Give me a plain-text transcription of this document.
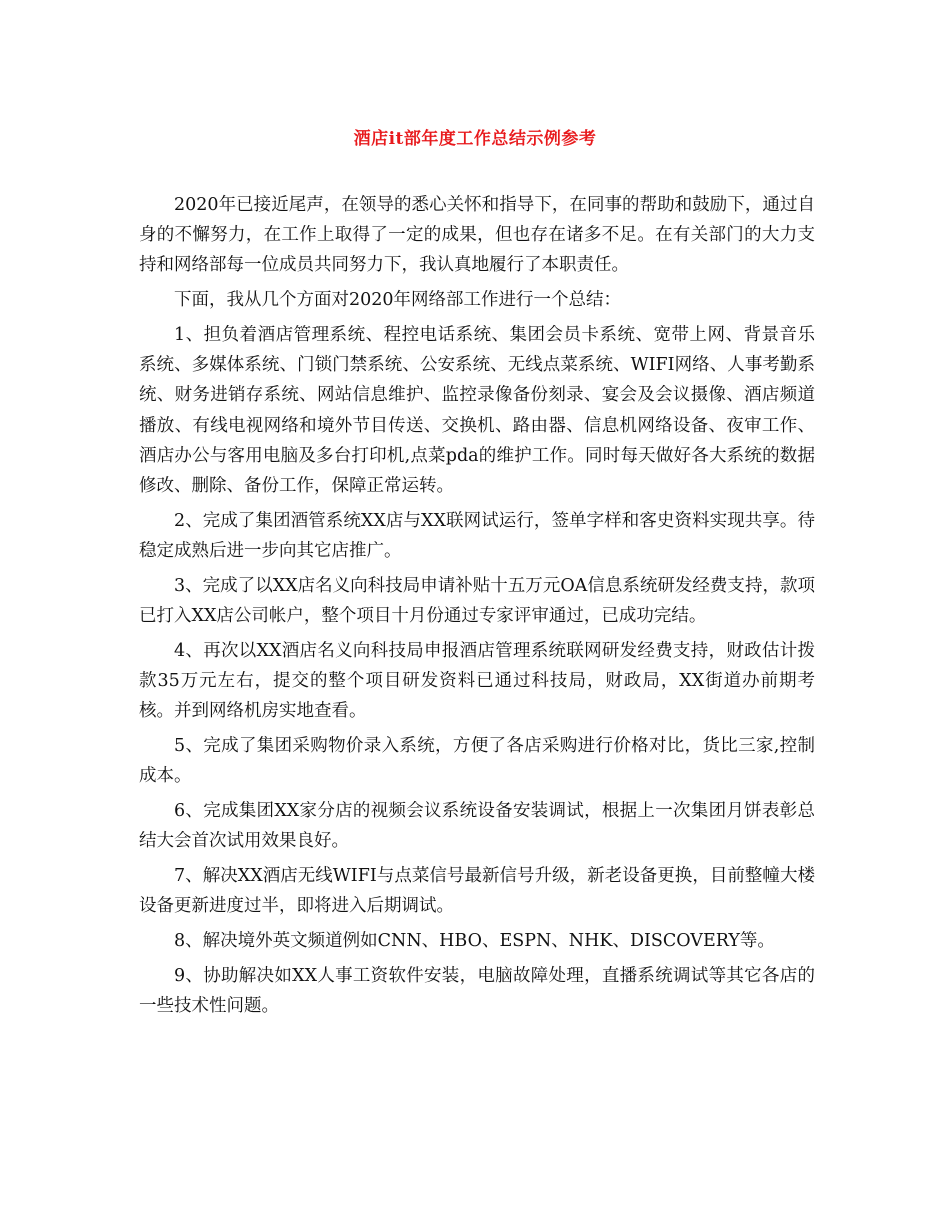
酒店it部年度工作总结示例参考

2020年已接近尾声，在领导的悉心关怀和指导下，在同事的帮助和鼓励下，通过自身的不懈努力，在工作上取得了一定的成果，但也存在诸多不足。在有关部门的大力支持和网络部每一位成员共同努力下，我认真地履行了本职责任。

下面，我从几个方面对2020年网络部工作进行一个总结：

1、担负着酒店管理系统、程控电话系统、集团会员卡系统、宽带上网、背景音乐系统、多媒体系统、门锁门禁系统、公安系统、无线点菜系统、WIFI网络、人事考勤系统、财务进销存系统、网站信息维护、监控录像备份刻录、宴会及会议摄像、酒店频道播放、有线电视网络和境外节目传送、交换机、路由器、信息机网络设备、夜审工作、酒店办公与客用电脑及多台打印机,点菜pda的维护工作。同时每天做好各大系统的数据修改、删除、备份工作，保障正常运转。

2、完成了集团酒管系统XX店与XX联网试运行，签单字样和客史资料实现共享。待稳定成熟后进一步向其它店推广。

3、完成了以XX店名义向科技局申请补贴十五万元OA信息系统研发经费支持，款项已打入XX店公司帐户，整个项目十月份通过专家评审通过，已成功完结。

4、再次以XX酒店名义向科技局申报酒店管理系统联网研发经费支持，财政估计拨款35万元左右，提交的整个项目研发资料已通过科技局，财政局，XX街道办前期考核。并到网络机房实地查看。

5、完成了集团采购物价录入系统，方便了各店采购进行价格对比，货比三家,控制成本。

6、完成集团XX家分店的视频会议系统设备安装调试，根据上一次集团月饼表彰总结大会首次试用效果良好。

7、解决XX酒店无线WIFI与点菜信号最新信号升级，新老设备更换，目前整幢大楼设备更新进度过半，即将进入后期调试。

8、解决境外英文频道例如CNN、HBO、ESPN、NHK、DISCOVERY等。

9、协助解决如XX人事工资软件安装，电脑故障处理，直播系统调试等其它各店的一些技术性问题。
